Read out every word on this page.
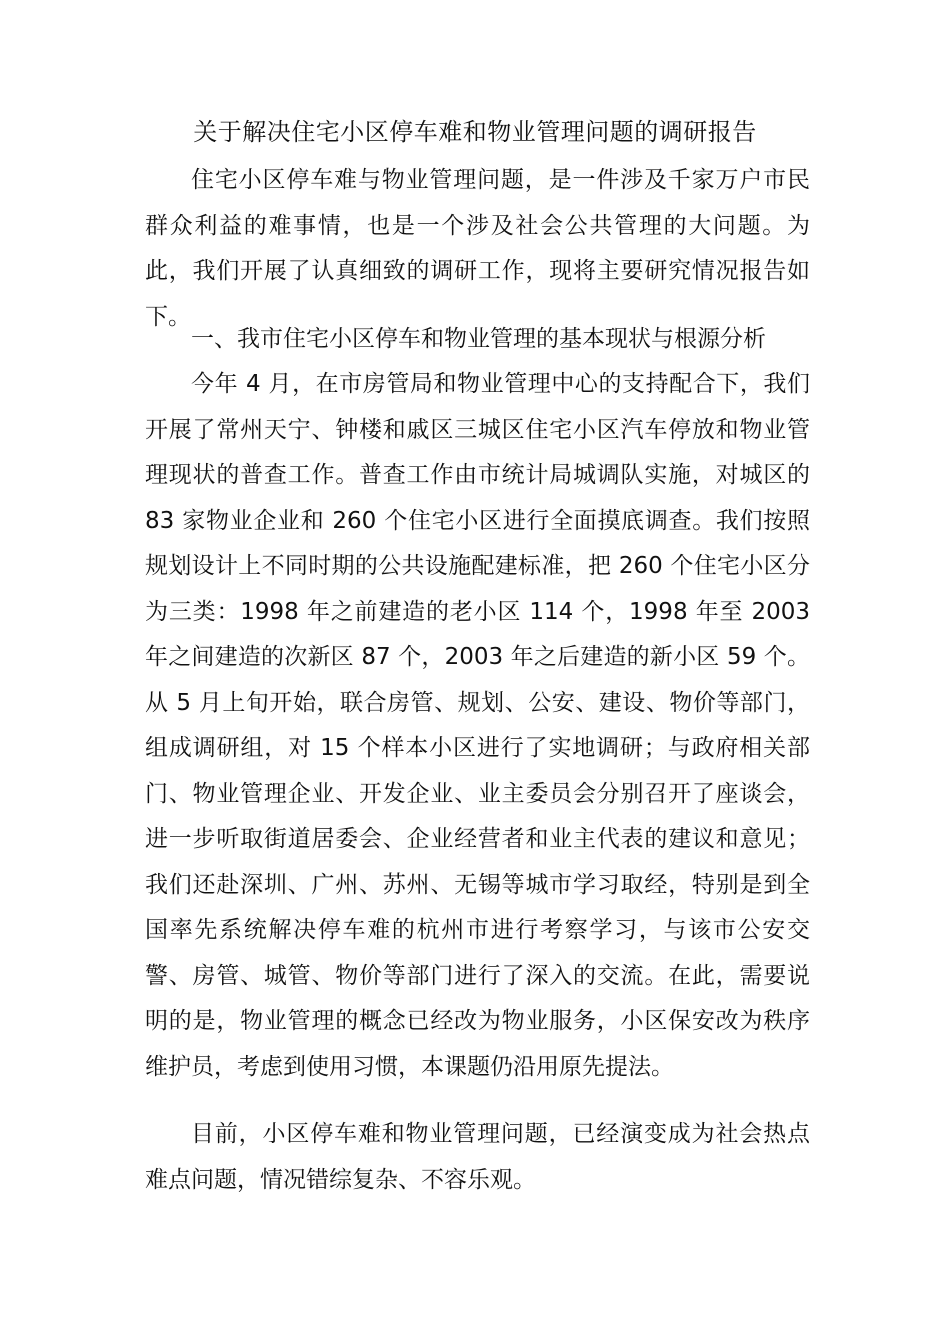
关于解决住宅小区停车难和物业管理问题的调研报告

住宅小区停车难与物业管理问题，是一件涉及千家万户市民群众利益的难事情，也是一个涉及社会公共管理的大问题。为此，我们开展了认真细致的调研工作，现将主要研究情况报告如下。

一、我市住宅小区停车和物业管理的基本现状与根源分析

今年 4 月，在市房管局和物业管理中心的支持配合下，我们开展了常州天宁、钟楼和戚区三城区住宅小区汽车停放和物业管理现状的普查工作。普查工作由市统计局城调队实施，对城区的 83 家物业企业和 260 个住宅小区进行全面摸底调查。我们按照规划设计上不同时期的公共设施配建标准，把 260 个住宅小区分为三类：1998 年之前建造的老小区 114 个，1998 年至 2003 年之间建造的次新区 87 个，2003 年之后建造的新小区 59 个。从 5 月上旬开始，联合房管、规划、公安、建设、物价等部门，组成调研组，对 15 个样本小区进行了实地调研；与政府相关部门、物业管理企业、开发企业、业主委员会分别召开了座谈会，进一步听取街道居委会、企业经营者和业主代表的建议和意见；我们还赴深圳、广州、苏州、无锡等城市学习取经，特别是到全国率先系统解决停车难的杭州市进行考察学习，与该市公安交警、房管、城管、物价等部门进行了深入的交流。在此，需要说明的是，物业管理的概念已经改为物业服务，小区保安改为秩序维护员，考虑到使用习惯，本课题仍沿用原先提法。

目前，小区停车难和物业管理问题，已经演变成为社会热点难点问题，情况错综复杂、不容乐观。
